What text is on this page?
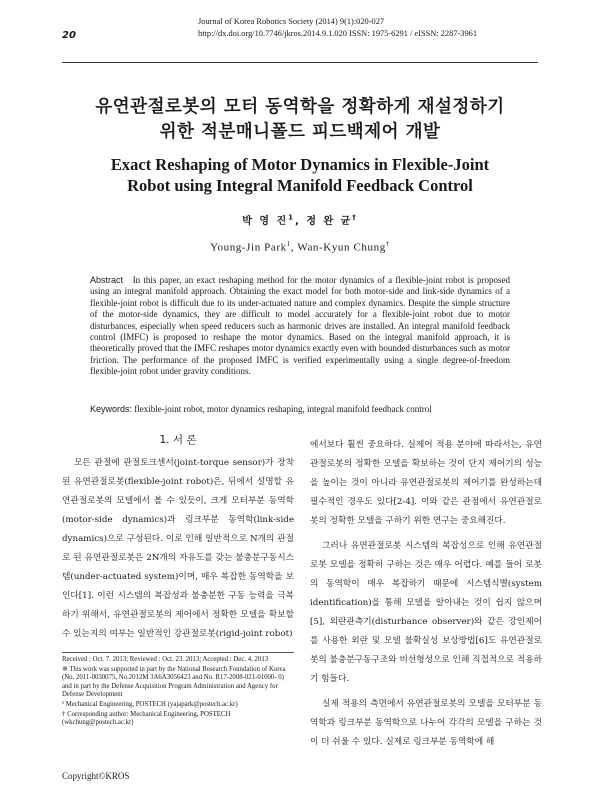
20
Journal of Korea Robotics Society (2014) 9(1):020-027
http://dx.doi.org/10.7746/jkros.2014.9.1.020 ISSN: 1975-6291 / eISSN: 2287-3961
유연관절로봇의 모터 동역학을 정확하게 재설정하기
위한 적분매니폴드 피드백제어 개발
Exact Reshaping of Motor Dynamics in Flexible-Joint
Robot using Integral Manifold Feedback Control
박 영 진$^1$, 정 완 균†
Young-Jin Park$^1$, Wan-Kyun Chung†
Abstract In this paper, an exact reshaping method for the motor dynamics of a flexible-joint robot is proposed using an integral manifold approach. Obtaining the exact model for both motor-side and link-side dynamics of a flexible-joint robot is difficult due to its under-actuated nature and complex dynamics. Despite the simple structure of the motor-side dynamics, they are difficult to model accurately for a flexible-joint robot due to motor disturbances, especially when speed reducers such as harmonic drives are installed. An integral manifold feedback control (IMFC) is proposed to reshape the motor dynamics. Based on the integral manifold approach, it is theoretically proved that the IMFC reshapes motor dynamics exactly even with bounded disturbances such as motor friction. The performance of the proposed IMFC is verified experimentally using a single degree-of-freedom flexible-joint robot under gravity conditions.
Keywords: flexible-joint robot, motor dynamics reshaping, integral manifold feedback control
1. 서 론
모든 관절에 관절토크센서(joint-torque sensor)가 장착된 유연관절로봇(flexible-joint robot)은, 뒤에서 설명할 유연관절로봇의 모델에서 볼 수 있듯이, 크게 모터부분 동역학(motor-side dynamics)과 링크부분 동역학(link-side dynamics)으로 구성된다. 이로 인해 일반적으로 N개의 관절로 된 유연관절로봇은 2N개의 자유도를 갖는 불충분구동시스템(under-actuated system)이며, 매우 복잡한 동역학을 보인다[1]. 이런 시스템의 복잡성과 불충분한 구동 능력을 극복하기 위해서, 유연관절로봇의 제어에서 정확한 모델을 확보할 수 있는지의 여부는 일반적인 강관절로봇(rigid-joint robot)
에서보다 훨씬 중요하다. 실제어 적용 분야에 따라서는, 유연관절로봇의 정확한 모델을 확보하는 것이 단지 제어기의 성능을 높이는 것이 아니라 유연관절로봇의 제어기를 완성하는데 필수적인 경우도 있다[2-4]. 이와 같은 관점에서 유연관절로봇의 정확한 모델을 구하기 위한 연구는 중요해진다.
그러나 유연관절로봇 시스템의 복잡성으로 인해 유연관절로봇 모델을 정확히 구하는 것은 매우 어렵다. 예를 들어 로봇의 동역학이 매우 복잡하기 때문에 시스템식별(system identification)을 통해 모델을 알아내는 것이 쉽지 않으며[5], 외란관측기(disturbance observer)와 같은 강인제어를 사용한 외란 및 모델 불확실성 보상방법[6]도 유연관절로봇의 불충분구동구조와 비선형성으로 인해 직접적으로 적용하기 힘들다.
실제 적용의 측면에서 유연관절로봇의 모델을 모터부분 동역학과 링크부분 동역학으로 나누어 각각의 모델을 구하는 것이 더 쉬울 수 있다. 실제로 링크부분 동역학에 해
Received : Oct. 7. 2013; Reviewed : Oct. 23. 2013; Accepted : Dec. 4. 2013
※ This work was supported in part by the National Research Foundation of Korea (No. 2011-0030075, No.2012M 3A6A3056423 and No. R17-2008-021-01000- 0) and in part by the Defense Acquisition Program Administration and Agency for Defense Development
¹ Mechanical Engineering, POSTECH (yajapark@postech.ac.kr)
† Corresponding author: Mechanical Engineering, POSTECH (wkchung@postech.ac.kr)
Copyright©KROS
